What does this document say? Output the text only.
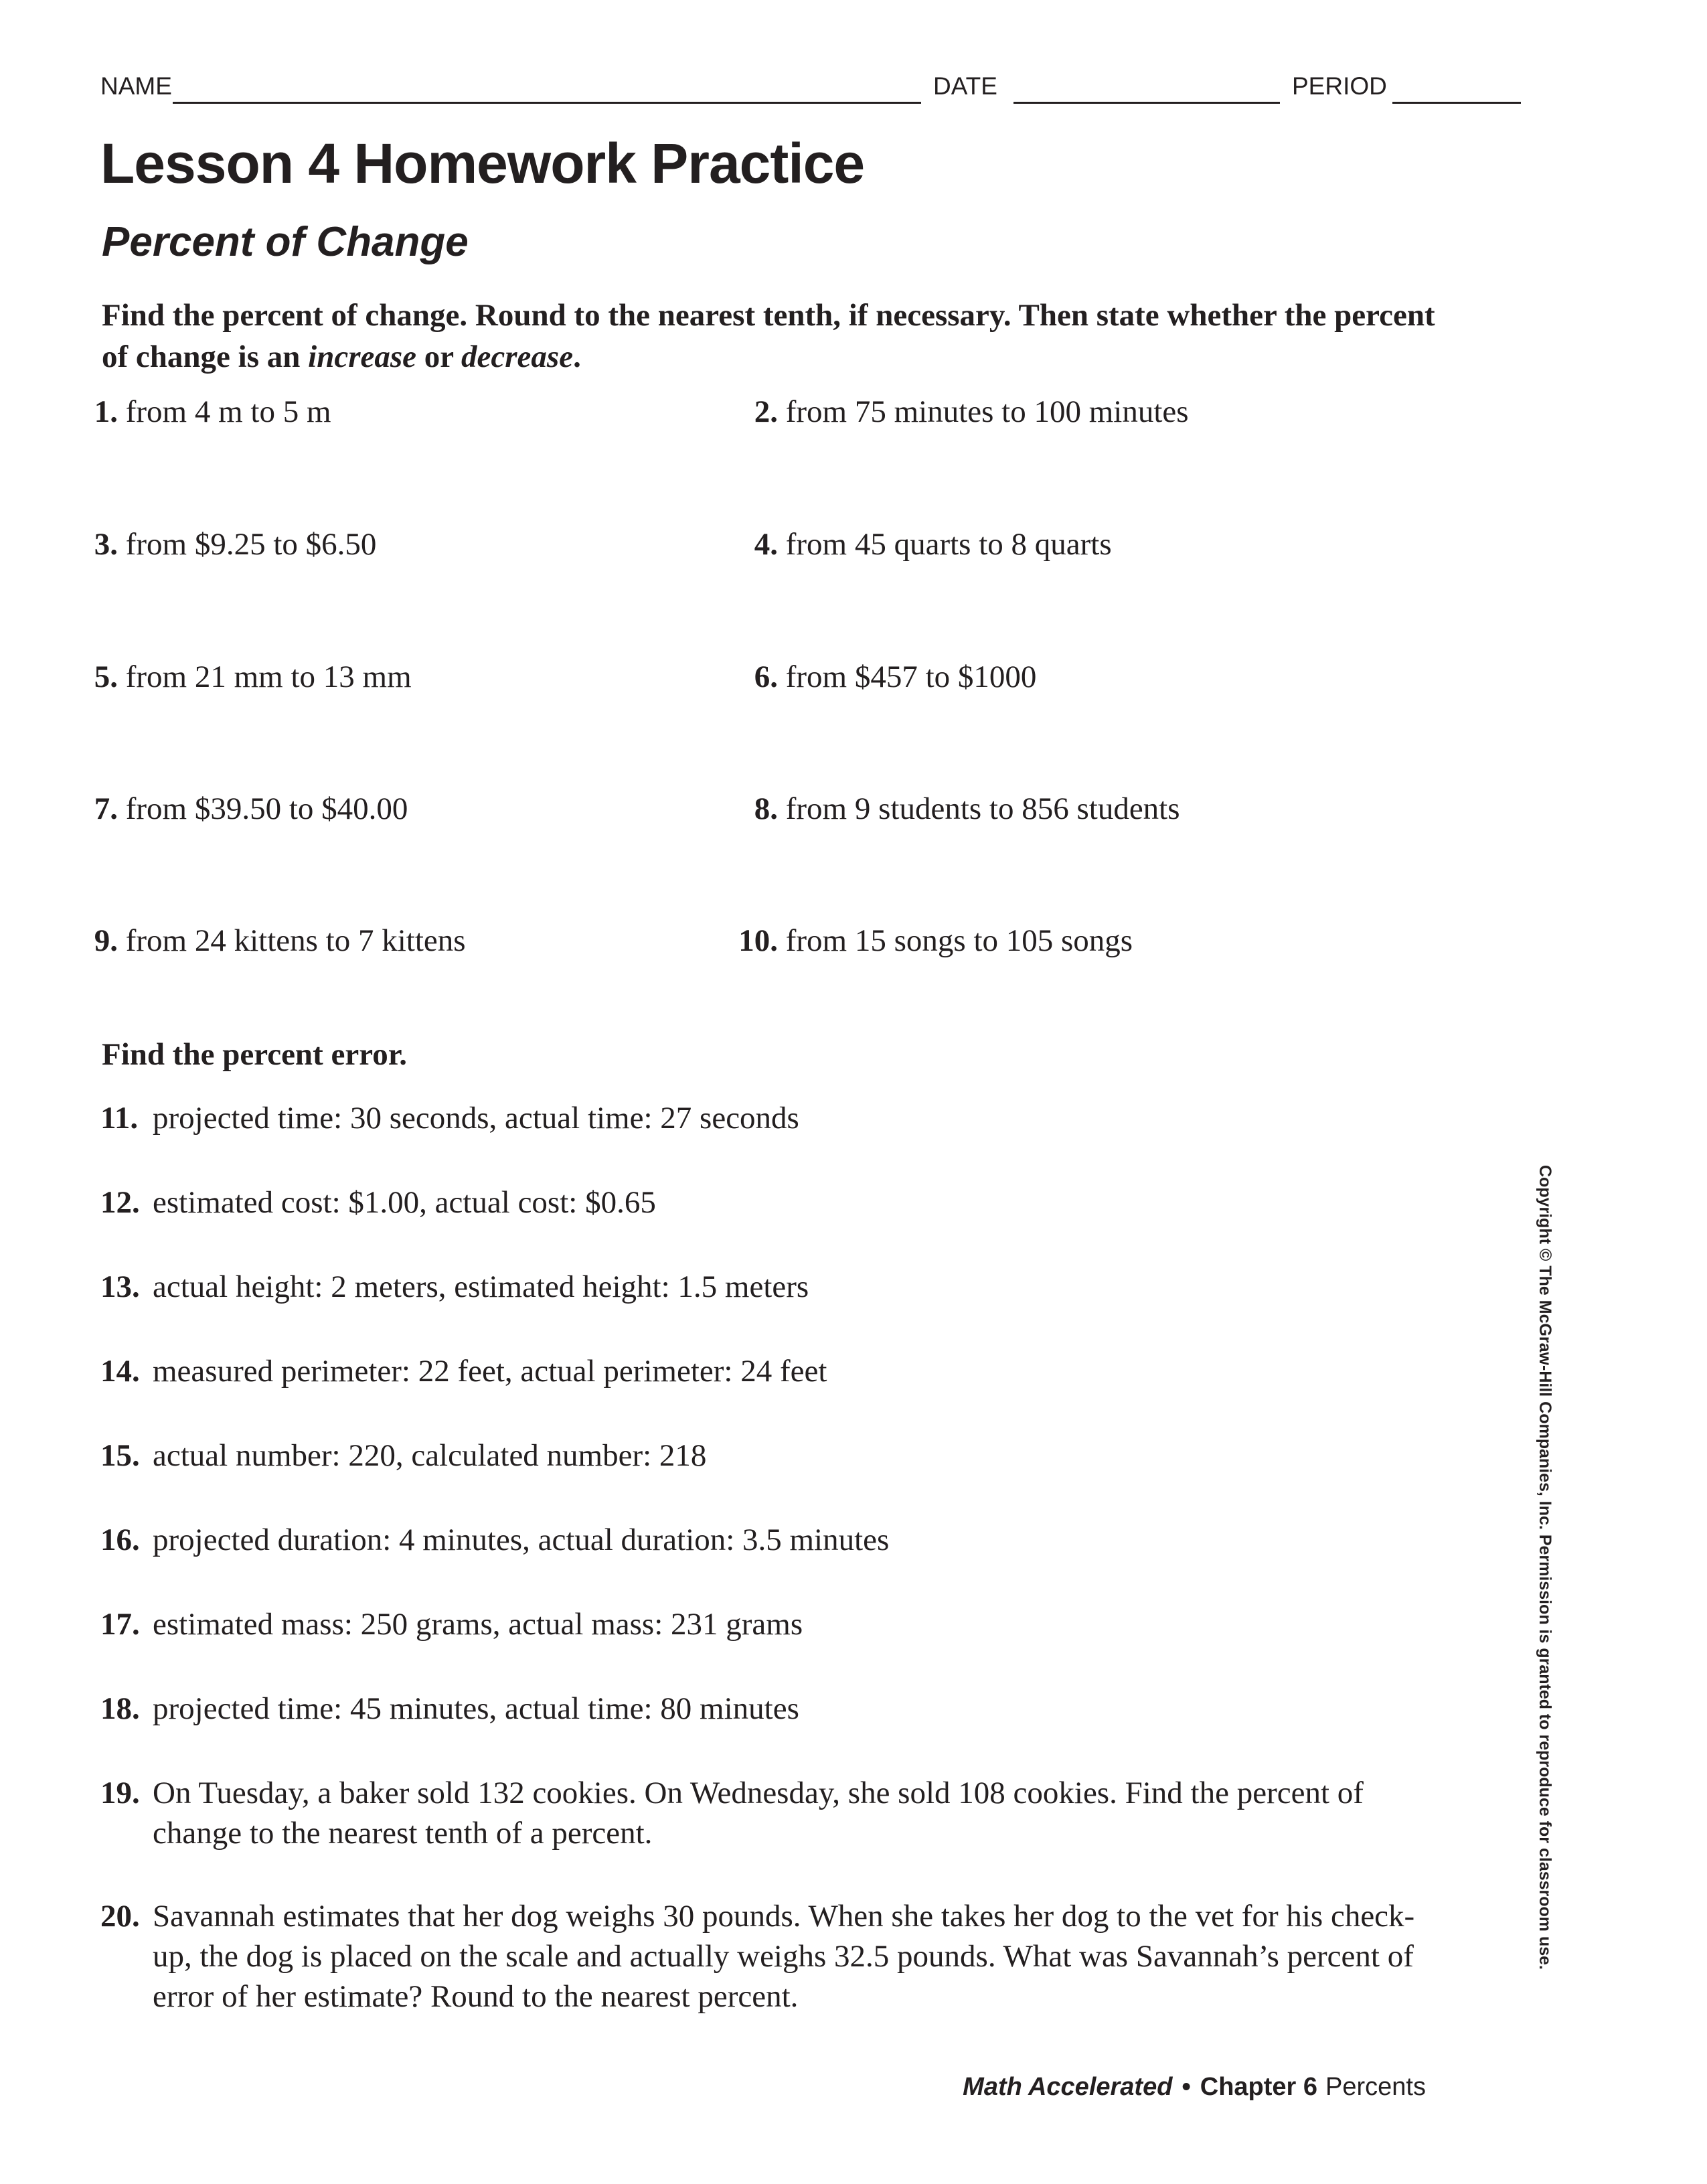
NAME	DATE	PERIOD
Lesson 4 Homework Practice
Percent of Change
Find the percent of change. Round to the nearest tenth, if necessary. Then state whether the percent of change is an increase or decrease.
1. from 4 m to 5 m	2. from 75 minutes to 100 minutes
3. from $9.25 to $6.50	4. from 45 quarts to 8 quarts
5. from 21 mm to 13 mm	6. from $457 to $1000
7. from $39.50 to $40.00	8. from 9 students to 856 students
9. from 24 kittens to 7 kittens	10. from 15 songs to 105 songs
Find the percent error.
11. projected time: 30 seconds, actual time: 27 seconds
12. estimated cost: $1.00, actual cost: $0.65
13. actual height: 2 meters, estimated height: 1.5 meters
14. measured perimeter: 22 feet, actual perimeter: 24 feet
15. actual number: 220, calculated number: 218
16. projected duration: 4 minutes, actual duration: 3.5 minutes
17. estimated mass: 250 grams, actual mass: 231 grams
18. projected time: 45 minutes, actual time: 80 minutes
19. On Tuesday, a baker sold 132 cookies. On Wednesday, she sold 108 cookies. Find the percent of change to the nearest tenth of a percent.
20. Savannah estimates that her dog weighs 30 pounds. When she takes her dog to the vet for his check-up, the dog is placed on the scale and actually weighs 32.5 pounds. What was Savannah’s percent of error of her estimate? Round to the nearest percent.
Copyright © The McGraw-Hill Companies, Inc. Permission is granted to reproduce for classroom use.
Math Accelerated • Chapter 6 Percents
